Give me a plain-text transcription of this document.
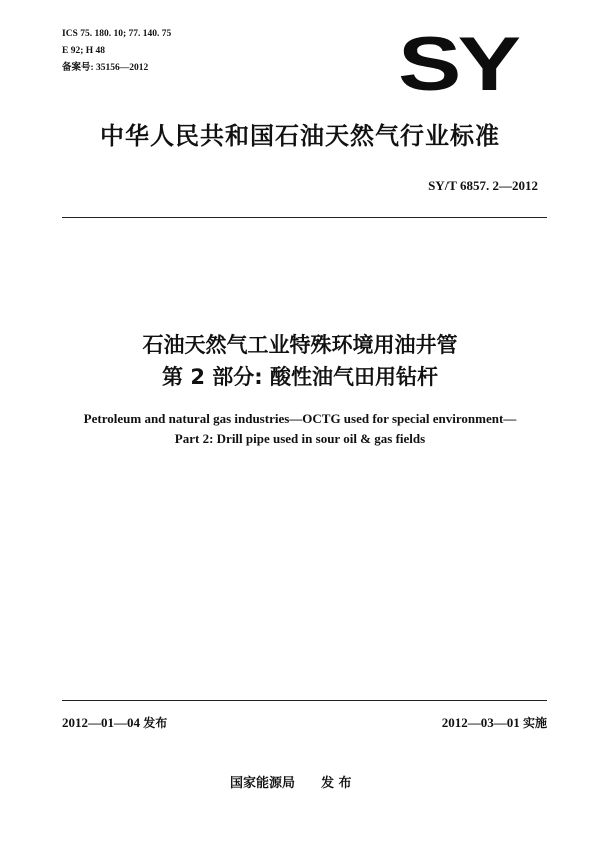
ICS 75. 180. 10; 77. 140. 75
E 92; H 48
备案号: 35156—2012	SY
中华人民共和国石油天然气行业标准
SY/T 6857. 2—2012
石油天然气工业特殊环境用油井管
第 2 部分: 酸性油气田用钻杆
Petroleum and natural gas industries—OCTG used for special environment—
Part 2: Drill pipe used in sour oil & gas fields
2012—01—04 发布	2012—03—01 实施
国家能源局 发 布
